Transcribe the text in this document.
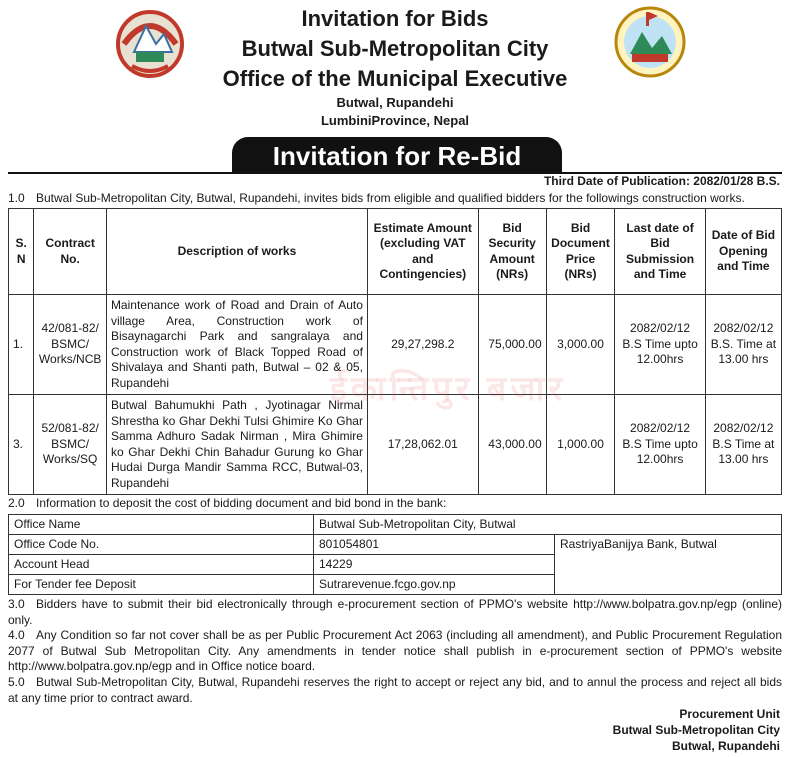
Invitation for Bids
Butwal Sub-Metropolitan City
Office of the Municipal Executive
Butwal, Rupandehi
LumbiniProvince, Nepal
Invitation for Re-Bid
Third Date of Publication: 2082/01/28 B.S.
1.0 Butwal Sub-Metropolitan City, Butwal, Rupandehi, invites bids from eligible and qualified bidders for the followings construction works.
S. N	Contract No.	Description of works	Estimate Amount (excluding VAT and Contingencies)	Bid Security Amount (NRs)	Bid Document Price (NRs)	Last date of Bid Submission and Time	Date of Bid Opening and Time
1.	42/081-82/ BSMC/ Works/NCB	Maintenance work of Road and Drain of Auto village Area, Construction work of Bisaynagarchi Park and sangralaya and Construction work of Black Topped Road of Shivalaya and Shanti path, Butwal – 02 & 05, Rupandehi	29,27,298.2	75,000.00	3,000.00	2082/02/12 B.S Time upto 12.00hrs	2082/02/12 B.S. Time at 13.00 hrs
3.	52/081-82/ BSMC/ Works/SQ	Butwal Bahumukhi Path , Jyotinagar Nirmal Shrestha ko Ghar Dekhi Tulsi Ghimire Ko Ghar Samma Adhuro Sadak Nirman , Mira Ghimire ko Ghar Dekhi Chin Bahadur Gurung ko Ghar Hudai Durga Mandir Samma RCC, Butwal-03, Rupandehi	17,28,062.01	43,000.00	1,000.00	2082/02/12 B.S Time upto 12.00hrs	2082/02/12 B.S Time at 13.00 hrs
ईकान्तिपुर बजार
2.0 Information to deposit the cost of bidding document and bid bond in the bank:
Office Name	Butwal Sub-Metropolitan City, Butwal	
Office Code No.	801054801	RastriyaBanijya Bank, Butwal
Account Head	14229	
For Tender fee Deposit	Sutrarevenue.fcgo.gov.np	
3.0 Bidders have to submit their bid electronically through e-procurement section of PPMO's website http://www.bolpatra.gov.np/egp (online) only.
4.0 Any Condition so far not cover shall be as per Public Procurement Act 2063 (including all amendment), and Public Procurement Regulation 2077 of Butwal Sub Metropolitan City. Any amendments in tender notice shall publish in e-procurement section of PPMO's website http://www.bolpatra.gov.np/egp and in Office notice board.
5.0 Butwal Sub-Metropolitan City, Butwal, Rupandehi reserves the right to accept or reject any bid, and to annul the process and reject all bids at any time prior to contract award.
Procurement Unit
Butwal Sub-Metropolitan City
Butwal, Rupandehi
